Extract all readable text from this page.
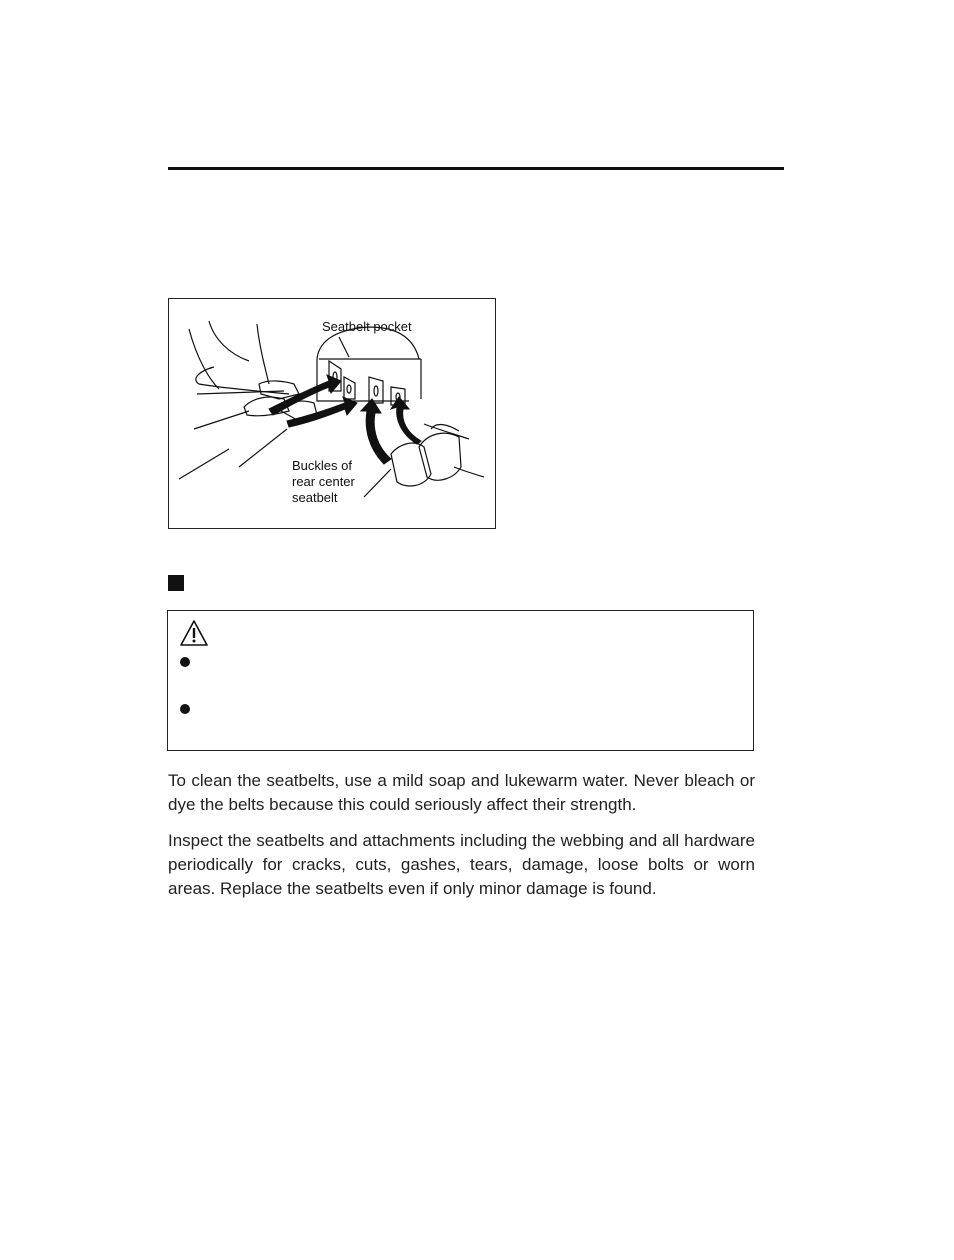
Seatbelt pocket
Buckles of
rear center
seatbelt

To clean the seatbelts, use a mild soap and lukewarm water. Never bleach or dye the belts because this could seriously affect their strength.

Inspect the seatbelts and attachments including the webbing and all hardware periodically for cracks, cuts, gashes, tears, damage, loose bolts or worn areas. Replace the seatbelts even if only minor damage is found.
